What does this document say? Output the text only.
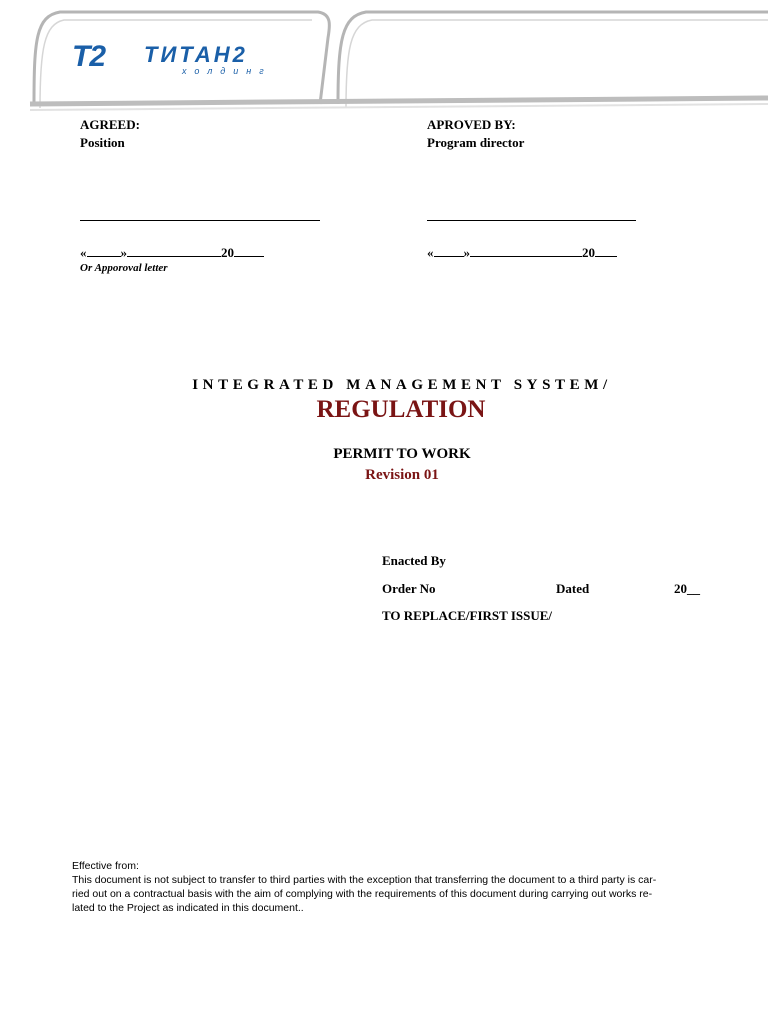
T2 ТИТАН2
холдинг
AGREED:
Position
«	»	20
Or Apporoval letter
APROVED BY:
Program director
« »	20
INTEGRATED MANAGEMENT SYSTEM/
REGULATION
PERMIT TO WORK
Revision 01
Enacted By
Order No	Dated	20__
TO REPLACE/FIRST ISSUE/
Effective from:
This document is not subject to transfer to third parties with the exception that transferring the document to a third party is car-
ried out on a contractual basis with the aim of complying with the requirements of this document during carrying out works re-
lated to the Project as indicated in this document..
